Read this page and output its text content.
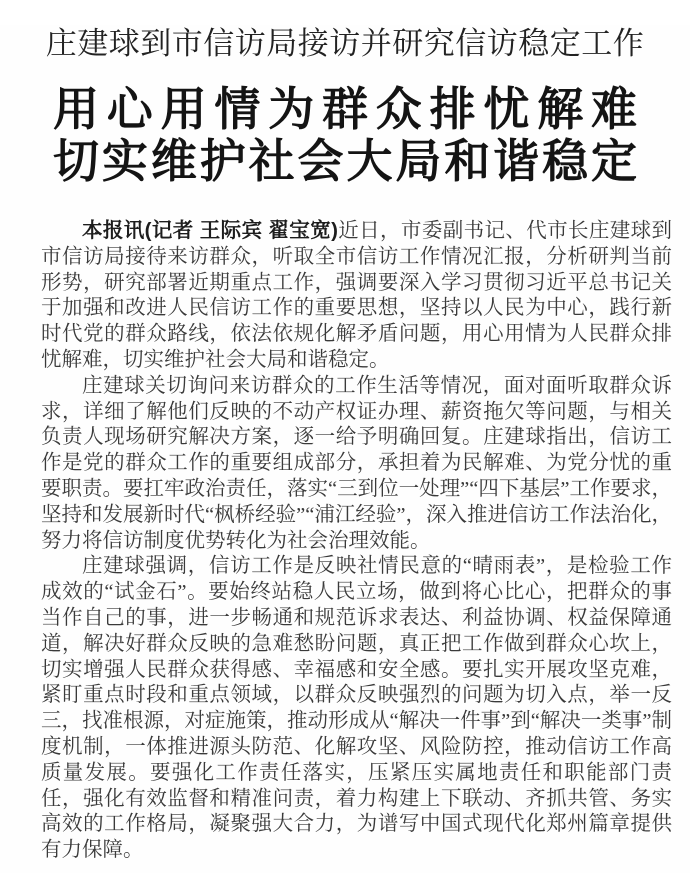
庄建球到市信访局接访并研究信访稳定工作
用心用情为群众排忧解难
切实维护社会大局和谐稳定

本报讯(记者 王际宾 翟宝宽)近日，市委副书记、代市长庄建球到市信访局接待来访群众，听取全市信访工作情况汇报，分析研判当前形势，研究部署近期重点工作，强调要深入学习贯彻习近平总书记关于加强和改进人民信访工作的重要思想，坚持以人民为中心，践行新时代党的群众路线，依法依规化解矛盾问题，用心用情为人民群众排忧解难，切实维护社会大局和谐稳定。

庄建球关切询问来访群众的工作生活等情况，面对面听取群众诉求，详细了解他们反映的不动产权证办理、薪资拖欠等问题，与相关负责人现场研究解决方案，逐一给予明确回复。庄建球指出，信访工作是党的群众工作的重要组成部分，承担着为民解难、为党分忧的重要职责。要扛牢政治责任，落实“三到位一处理”“四下基层”工作要求，坚持和发展新时代“枫桥经验”“浦江经验”，深入推进信访工作法治化，努力将信访制度优势转化为社会治理效能。

庄建球强调，信访工作是反映社情民意的“晴雨表”，是检验工作成效的“试金石”。要始终站稳人民立场，做到将心比心，把群众的事当作自己的事，进一步畅通和规范诉求表达、利益协调、权益保障通道，解决好群众反映的急难愁盼问题，真正把工作做到群众心坎上，切实增强人民群众获得感、幸福感和安全感。要扎实开展攻坚克难，紧盯重点时段和重点领域，以群众反映强烈的问题为切入点，举一反三，找准根源，对症施策，推动形成从“解决一件事”到“解决一类事”制度机制，一体推进源头防范、化解攻坚、风险防控，推动信访工作高质量发展。要强化工作责任落实，压紧压实属地责任和职能部门责任，强化有效监督和精准问责，着力构建上下联动、齐抓共管、务实高效的工作格局，凝聚强大合力，为谱写中国式现代化郑州篇章提供有力保障。
